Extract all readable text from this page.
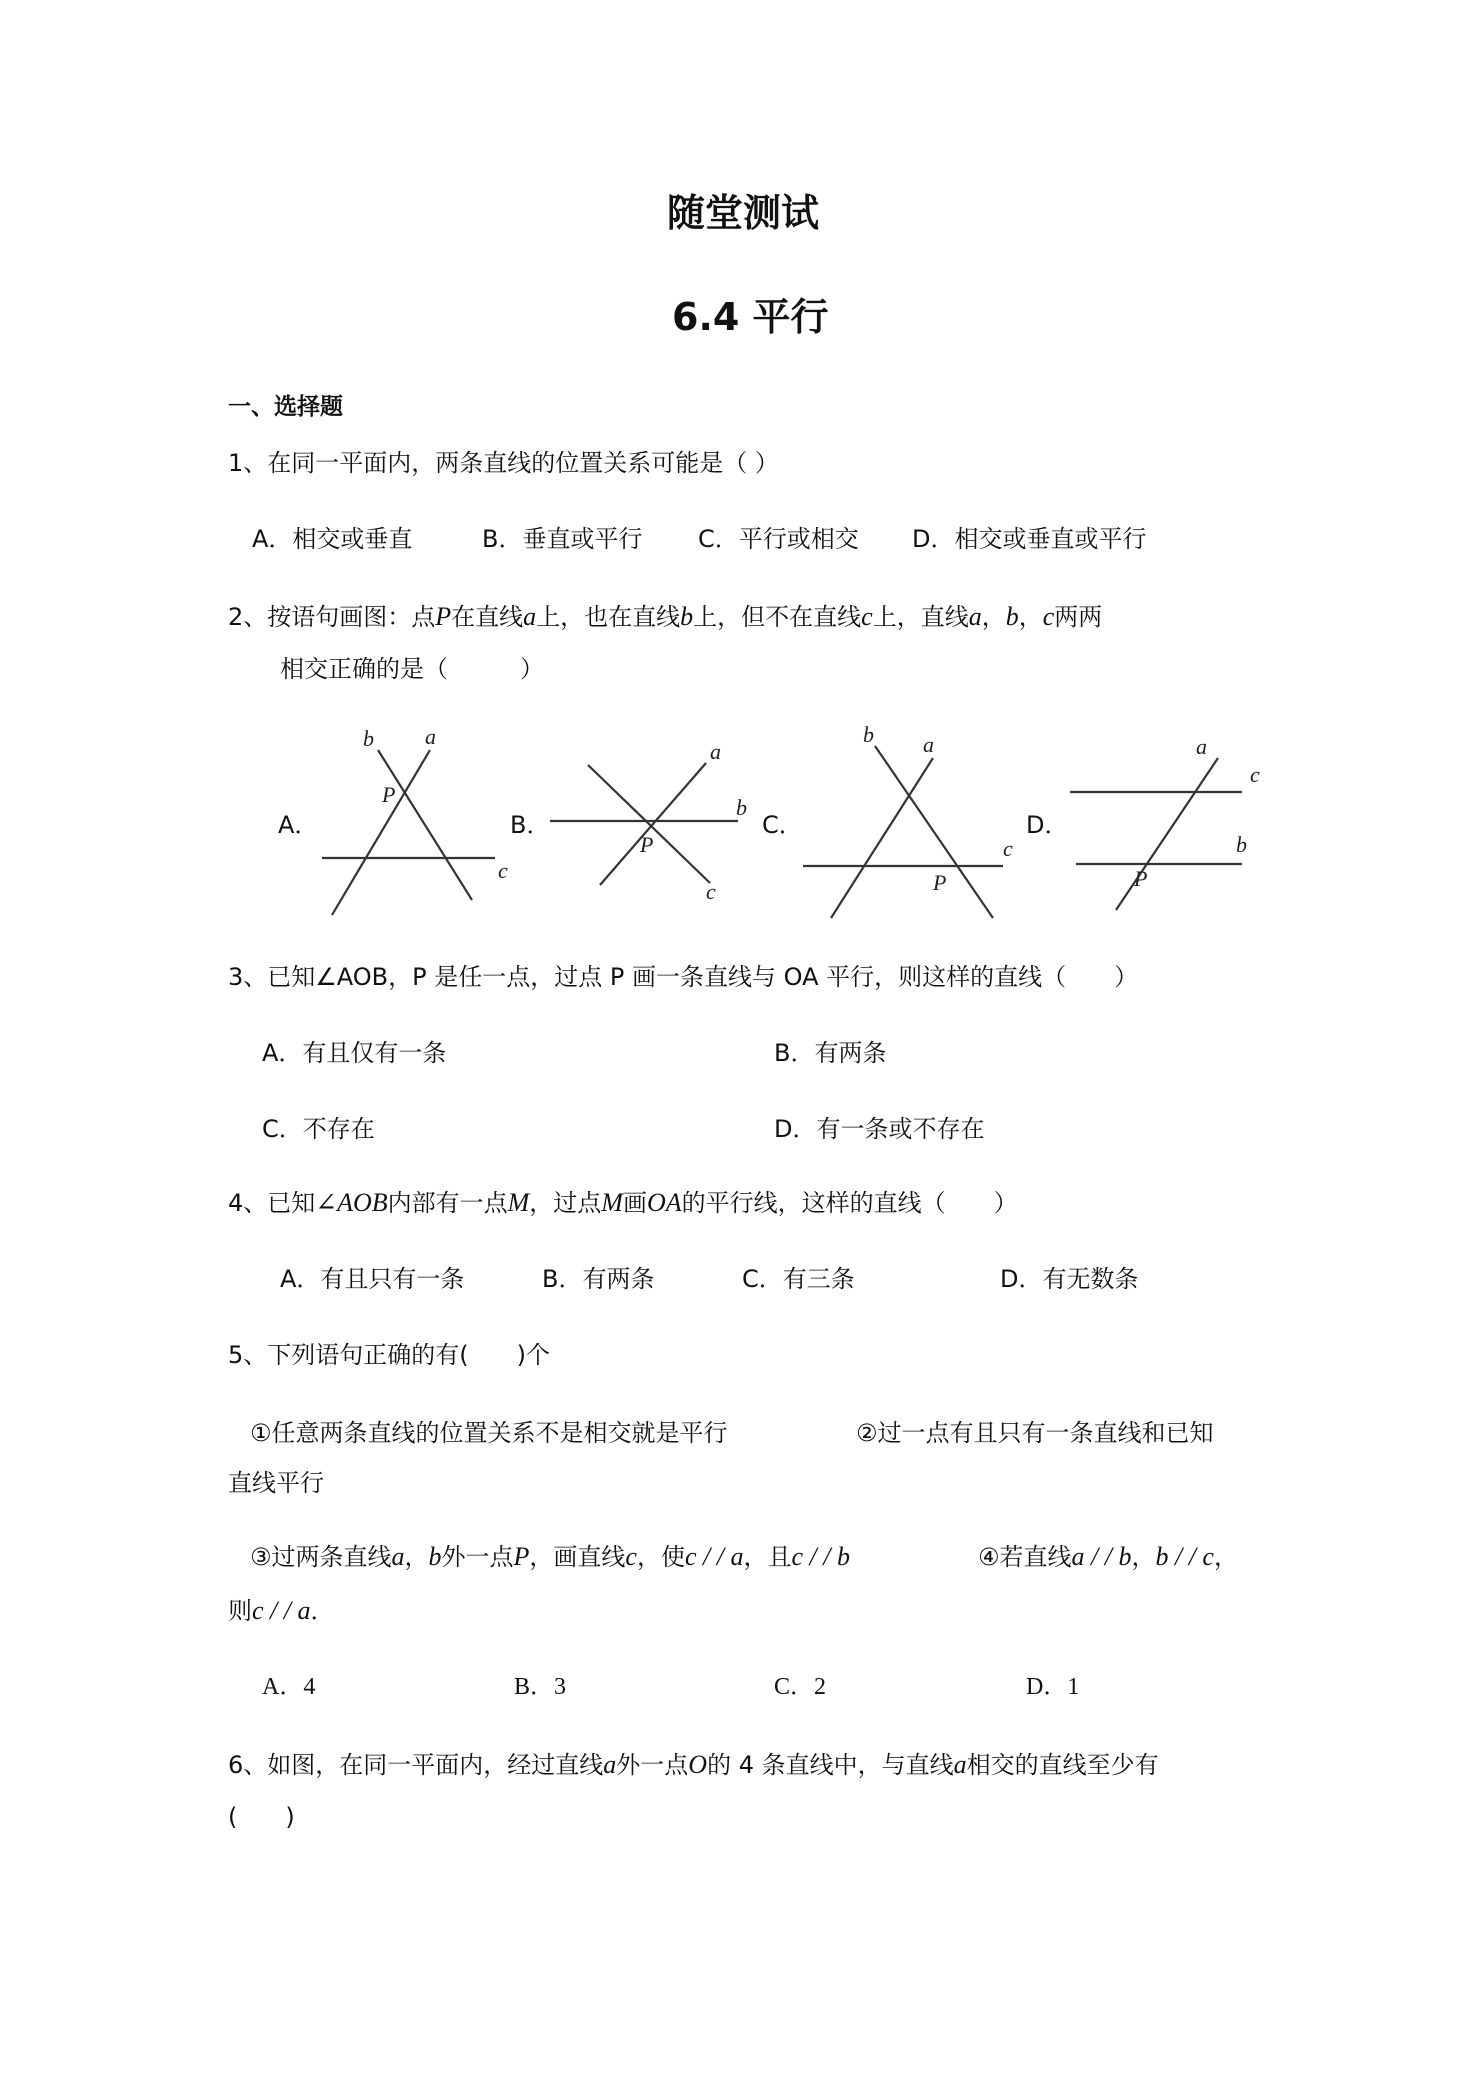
随堂测试
6.4 平行
一、选择题
1、在同一平面内，两条直线的位置关系可能是（ ）
A．相交或垂直	B．垂直或平行 C．平行或相交 D．相交或垂直或平行
2、按语句画图：点P在直线a上，也在直线b上，但不在直线c上，直线a，b，c两两
相交正确的是（　　　）
A．	B．	C．	D．
b a
P
c
a
b
P
c
b a
c
P
a
c
b
P
3、已知∠AOB，P 是任一点，过点 P 画一条直线与 OA 平行，则这样的直线（　　）
A．有且仅有一条	B．有两条
C．不存在	D．有一条或不存在
4、已知∠AOB内部有一点M，过点M画OA的平行线，这样的直线（　　）
A．有且只有一条	B．有两条	C．有三条	D．有无数条
5、下列语句正确的有(　　)个
①任意两条直线的位置关系不是相交就是平行	②过一点有且只有一条直线和已知
直线平行
③过两条直线a，b外一点P，画直线c，使c / / a，且c / / b	④若直线a / / b，b / / c，
则c / / a．
A．4	B．3	C．2	D．1
6、如图，在同一平面内，经过直线a外一点O的 4 条直线中，与直线a相交的直线至少有
(　　)
